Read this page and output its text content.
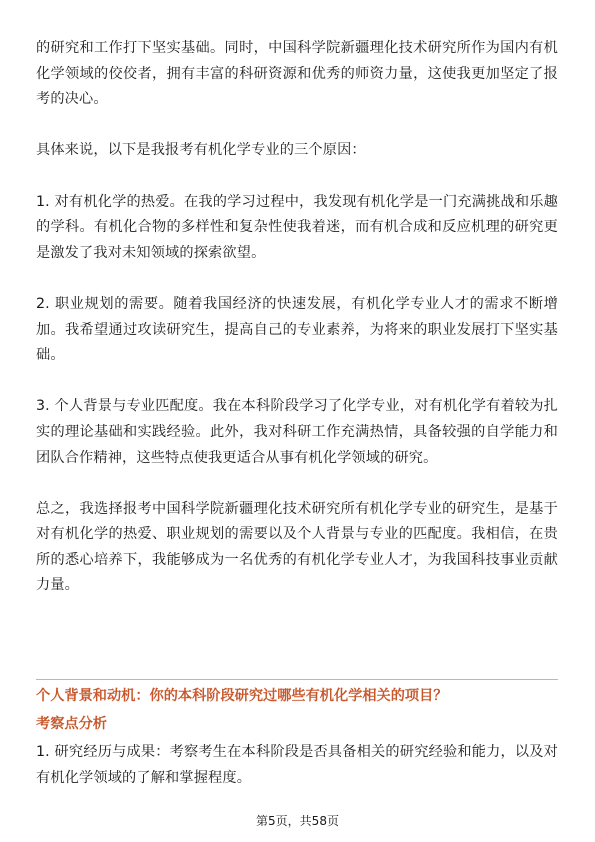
的研究和工作打下坚实基础。同时，中国科学院新疆理化技术研究所作为国内有机化学领域的佼佼者，拥有丰富的科研资源和优秀的师资力量，这使我更加坚定了报考的决心。

具体来说，以下是我报考有机化学专业的三个原因：

1. 对有机化学的热爱。在我的学习过程中，我发现有机化学是一门充满挑战和乐趣的学科。有机化合物的多样性和复杂性使我着迷，而有机合成和反应机理的研究更是激发了我对未知领域的探索欲望。

2. 职业规划的需要。随着我国经济的快速发展，有机化学专业人才的需求不断增加。我希望通过攻读研究生，提高自己的专业素养，为将来的职业发展打下坚实基础。

3. 个人背景与专业匹配度。我在本科阶段学习了化学专业，对有机化学有着较为扎实的理论基础和实践经验。此外，我对科研工作充满热情，具备较强的自学能力和团队合作精神，这些特点使我更适合从事有机化学领域的研究。

总之，我选择报考中国科学院新疆理化技术研究所有机化学专业的研究生，是基于对有机化学的热爱、职业规划的需要以及个人背景与专业的匹配度。我相信，在贵所的悉心培养下，我能够成为一名优秀的有机化学专业人才，为我国科技事业贡献力量。

个人背景和动机：你的本科阶段研究过哪些有机化学相关的项目？
考察点分析

1. 研究经历与成果：考察考生在本科阶段是否具备相关的研究经验和能力，以及对有机化学领域的了解和掌握程度。

第5页，共58页
